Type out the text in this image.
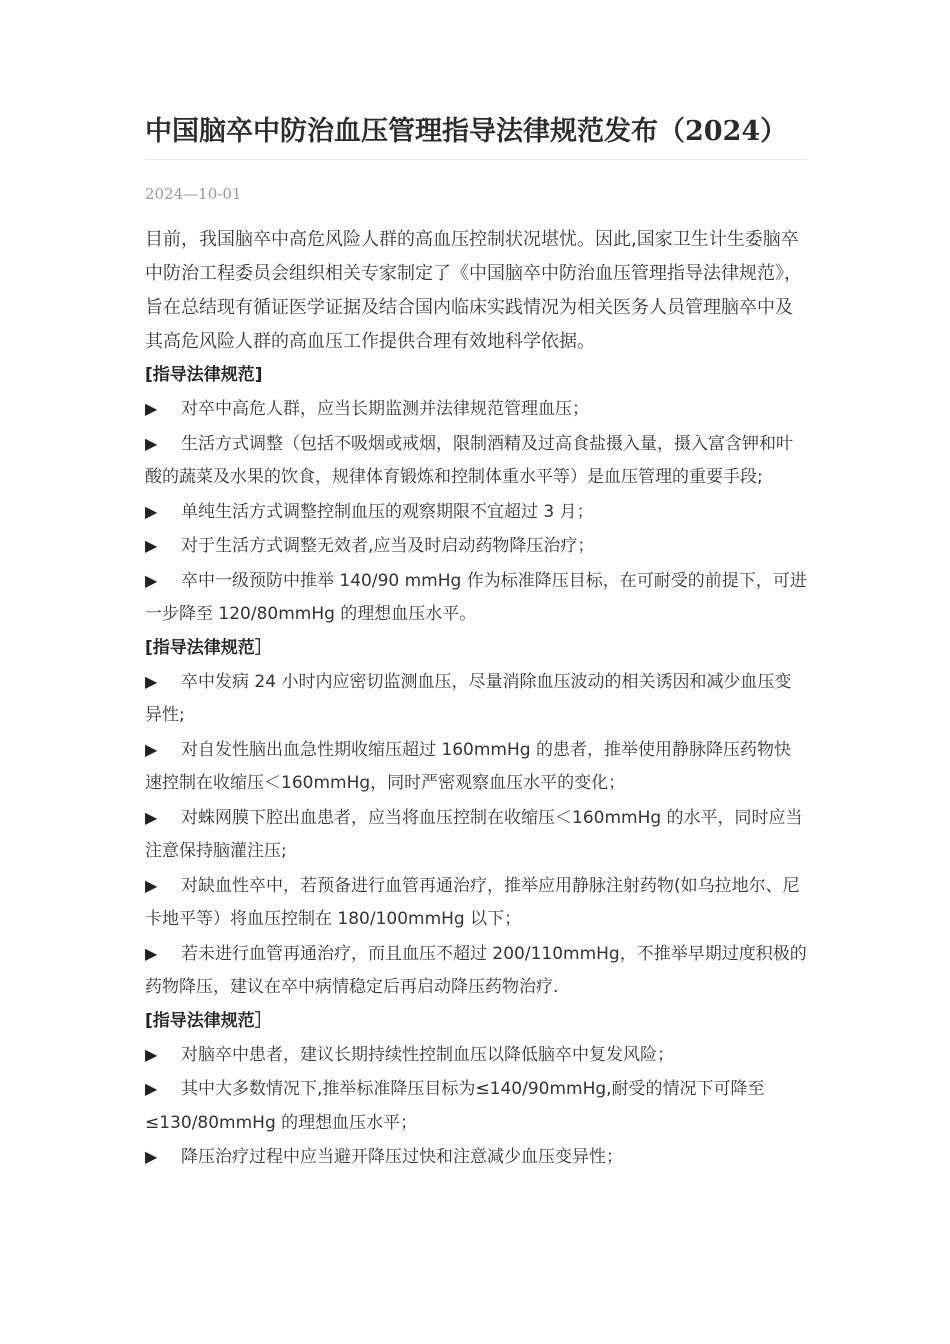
中国脑卒中防治血压管理指导法律规范发布（2024）
2024—10-01
目前，我国脑卒中高危风险人群的高血压控制状况堪忧。因此,国家卫生计生委脑卒中防治工程委员会组织相关专家制定了《中国脑卒中防治血压管理指导法律规范》，旨在总结现有循证医学证据及结合国内临床实践情况为相关医务人员管理脑卒中及其高危风险人群的高血压工作提供合理有效地科学依据。
[指导法律规范]
▶ 对卒中高危人群，应当长期监测并法律规范管理血压；
▶ 生活方式调整（包括不吸烟或戒烟，限制酒精及过高食盐摄入量，摄入富含钾和叶酸的蔬菜及水果的饮食，规律体育锻炼和控制体重水平等）是血压管理的重要手段;
▶ 单纯生活方式调整控制血压的观察期限不宜超过 3 月；
▶ 对于生活方式调整无效者,应当及时启动药物降压治疗；
▶ 卒中一级预防中推举 140/90 mmHg 作为标准降压目标，在可耐受的前提下，可进一步降至 120/80mmHg 的理想血压水平。
[指导法律规范］
▶ 卒中发病 24 小时内应密切监测血压，尽量消除血压波动的相关诱因和减少血压变异性;
▶ 对自发性脑出血急性期收缩压超过 160mmHg 的患者，推举使用静脉降压药物快速控制在收缩压＜160mmHg，同时严密观察血压水平的变化；
▶ 对蛛网膜下腔出血患者，应当将血压控制在收缩压＜160mmHg 的水平，同时应当注意保持脑灌注压;
▶ 对缺血性卒中，若预备进行血管再通治疗，推举应用静脉注射药物(如乌拉地尔、尼卡地平等）将血压控制在 180/100mmHg 以下；
▶ 若未进行血管再通治疗，而且血压不超过 200/110mmHg，不推举早期过度积极的药物降压，建议在卒中病情稳定后再启动降压药物治疗.
[指导法律规范］
▶ 对脑卒中患者，建议长期持续性控制血压以降低脑卒中复发风险；
▶ 其中大多数情况下,推举标准降压目标为≤140/90mmHg,耐受的情况下可降至≤130/80mmHg 的理想血压水平；
▶ 降压治疗过程中应当避开降压过快和注意减少血压变异性；
